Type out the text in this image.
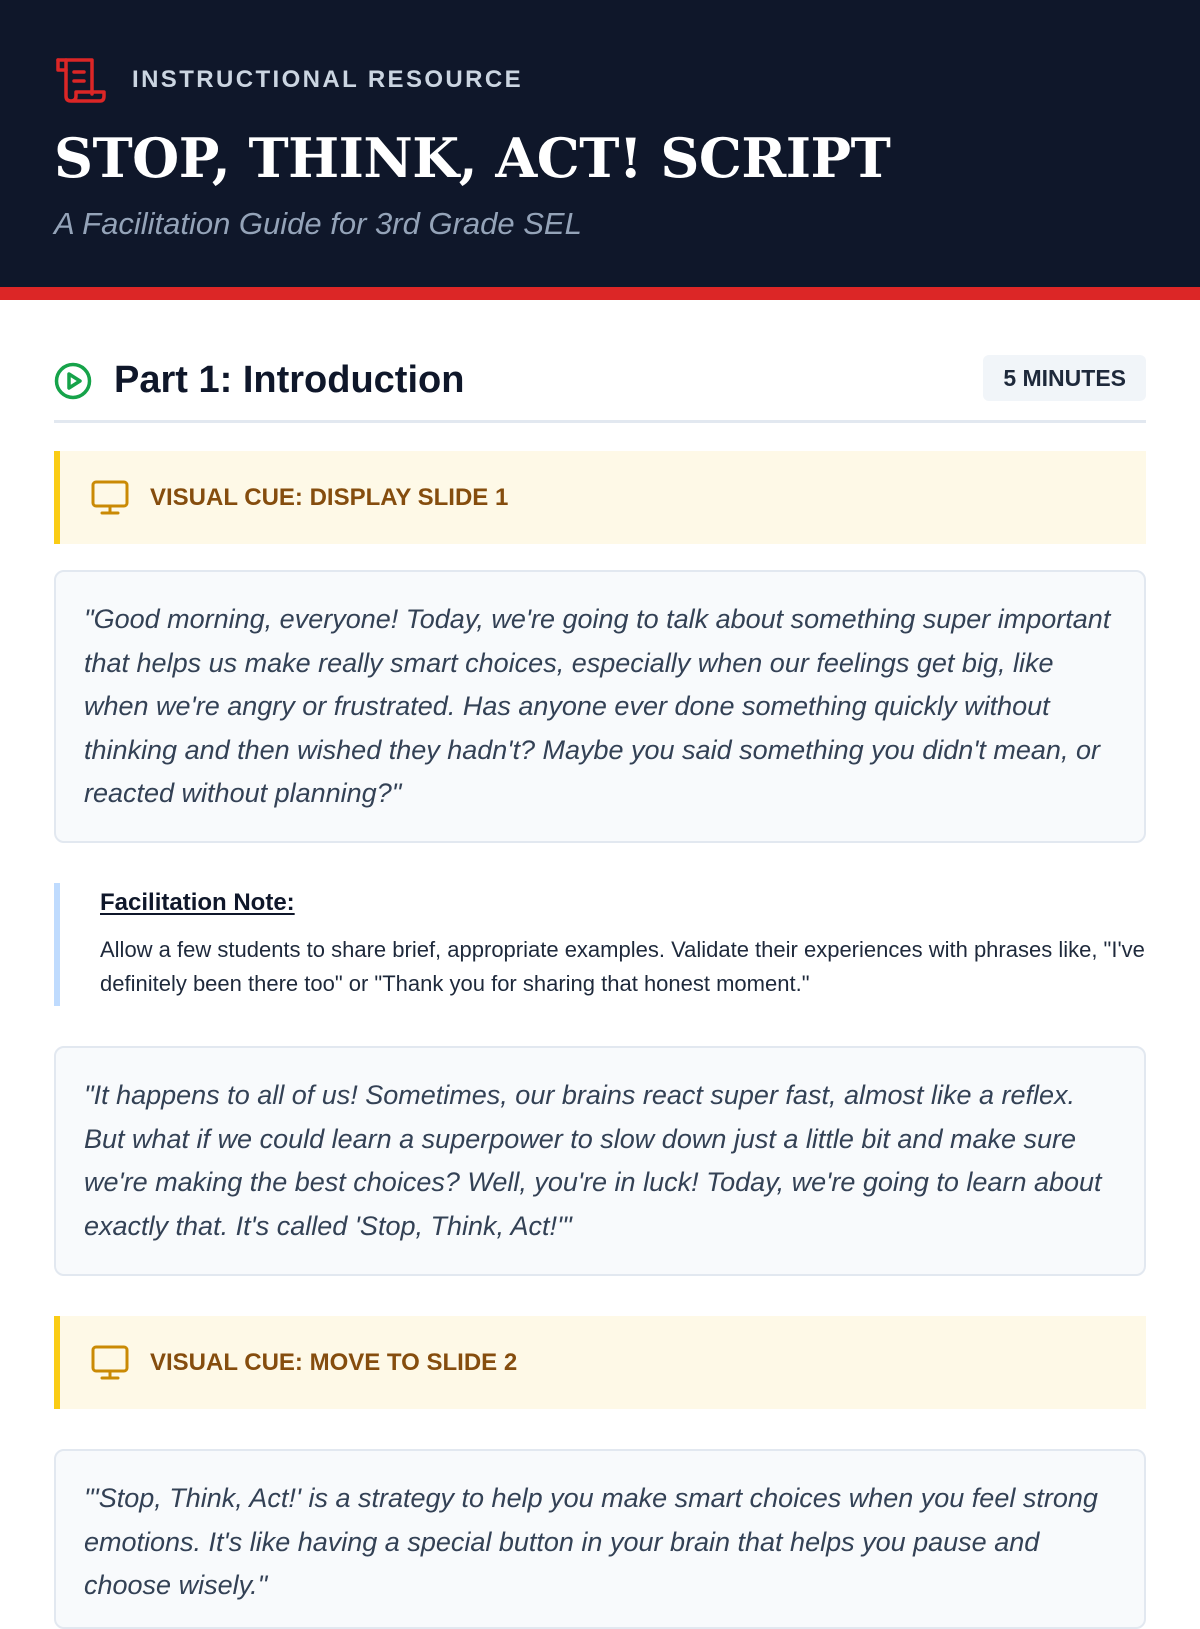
INSTRUCTIONAL RESOURCE
STOP, THINK, ACT! SCRIPT
A Facilitation Guide for 3rd Grade SEL
Part 1: Introduction	5 MINUTES
VISUAL CUE: DISPLAY SLIDE 1

"Good morning, everyone! Today, we're going to talk about something super important that helps us make really smart choices, especially when our feelings get big, like when we're angry or frustrated. Has anyone ever done something quickly without thinking and then wished they hadn't? Maybe you said something you didn't mean, or reacted without planning?"

Facilitation Note:
Allow a few students to share brief, appropriate examples. Validate their experiences with phrases like, "I've definitely been there too" or "Thank you for sharing that honest moment."

"It happens to all of us! Sometimes, our brains react super fast, almost like a reflex. But what if we could learn a superpower to slow down just a little bit and make sure we're making the best choices? Well, you're in luck! Today, we're going to learn about exactly that. It's called 'Stop, Think, Act!'"

VISUAL CUE: MOVE TO SLIDE 2

"'Stop, Think, Act!' is a strategy to help you make smart choices when you feel strong emotions. It's like having a special button in your brain that helps you pause and choose wisely."
